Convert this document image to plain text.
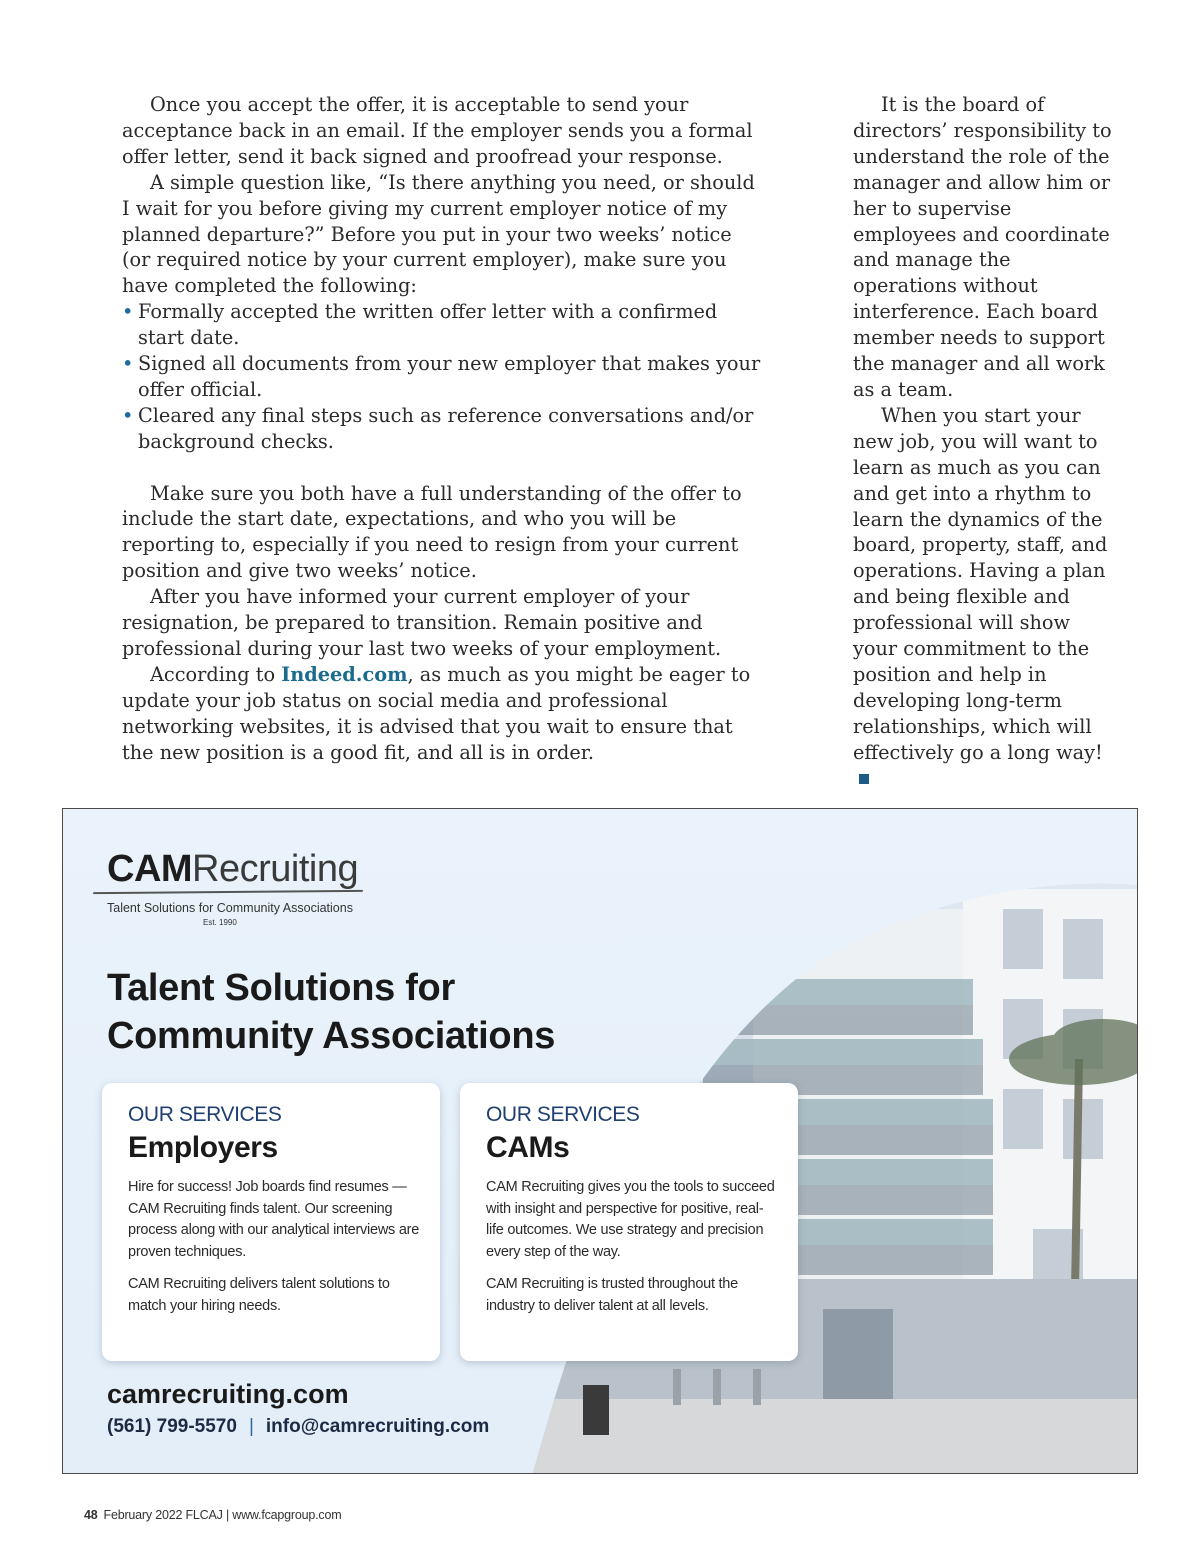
Once you accept the offer, it is acceptable to send your acceptance back in an email. If the employer sends you a formal offer letter, send it back signed and proofread your response.

A simple question like, “Is there anything you need, or should I wait for you before giving my current employer notice of my planned departure?” Before you put in your two weeks’ notice (or required notice by your current employer), make sure you have completed the following:

• Formally accepted the written offer letter with a confirmed start date.
• Signed all documents from your new employer that makes your offer official.
• Cleared any final steps such as reference conversations and/or background checks.

Make sure you both have a full understanding of the offer to include the start date, expectations, and who you will be reporting to, especially if you need to resign from your current position and give two weeks’ notice.

After you have informed your current employer of your resignation, be prepared to transition. Remain positive and professional during your last two weeks of your employment.

According to Indeed.com, as much as you might be eager to update your job status on social media and professional networking websites, it is advised that you wait to ensure that the new position is a good fit, and all is in order.

It is the board of directors’ responsibility to understand the role of the manager and allow him or her to supervise employees and coordinate and manage the operations without interference. Each board member needs to support the manager and all work as a team.

When you start your new job, you will want to learn as much as you can and get into a rhythm to learn the dynamics of the board, property, staff, and operations. Having a plan and being flexible and professional will show your commitment to the position and help in developing long-term relationships, which will effectively go a long way!

CAMRecruiting
Talent Solutions for Community Associations
Est. 1990
Talent Solutions for
Community Associations
OUR SERVICES
Employers

Hire for success! Job boards find resumes — CAM Recruiting finds talent. Our screening process along with our analytical interviews are proven techniques.

CAM Recruiting delivers talent solutions to match your hiring needs.

OUR SERVICES
CAMs

CAM Recruiting gives you the tools to succeed with insight and perspective for positive, real-life outcomes. We use strategy and precision every step of the way.

CAM Recruiting is trusted throughout the industry to deliver talent at all levels.

camrecruiting.com
(561) 799-5570 | info@camrecruiting.com
48 February 2022 FLCAJ | www.fcapgroup.com
